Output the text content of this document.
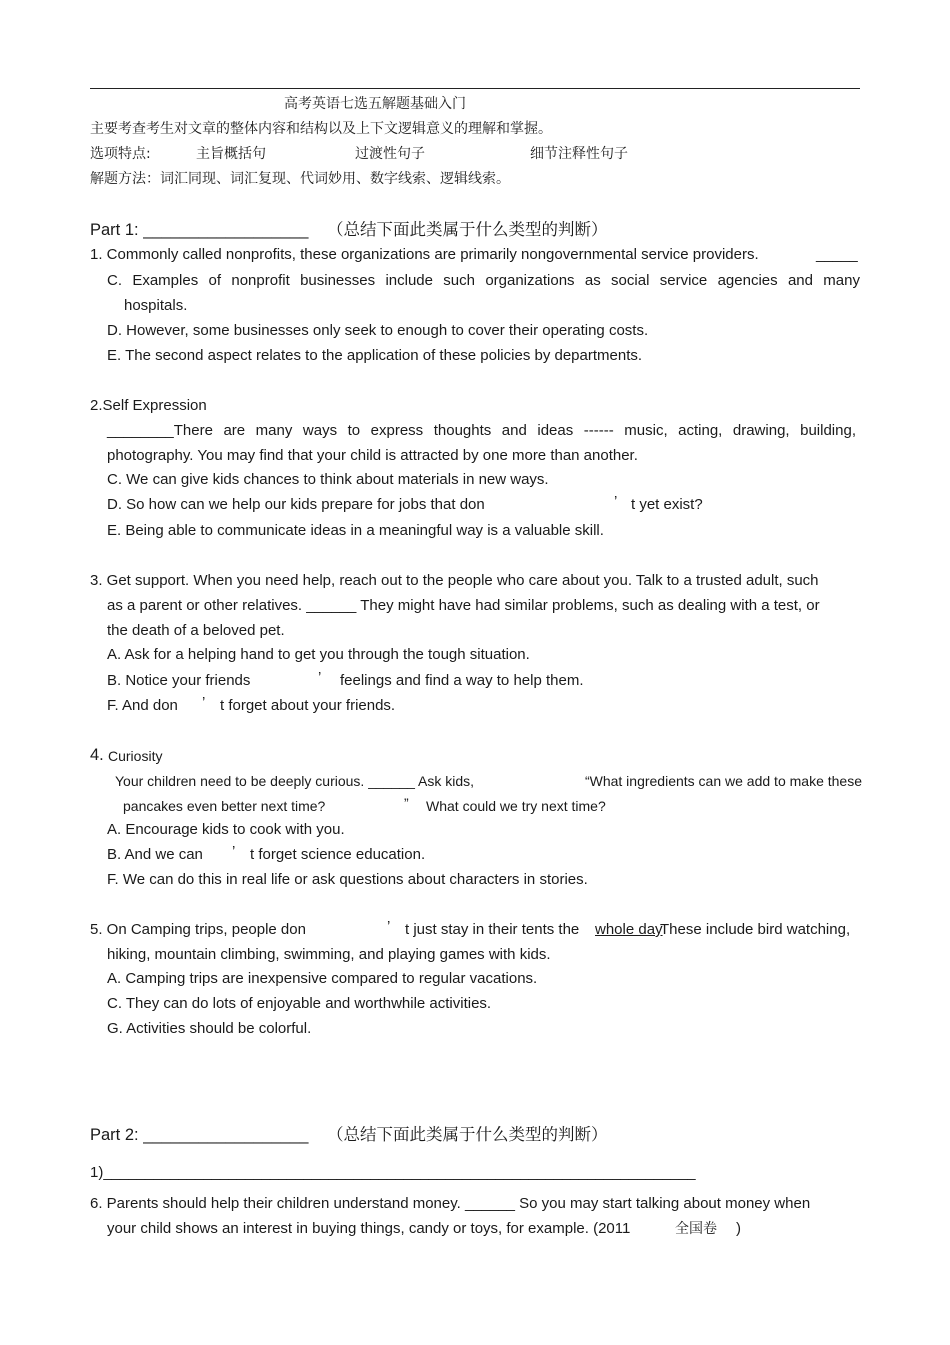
高考英语七选五解题基础入门
主要考查考生对文章的整体内容和结构以及上下文逻辑意义的理解和掌握。
选项特点:	主旨概括句	过渡性句子	细节注释性句子
解题方法：词汇同现、词汇复现、代词妙用、数字线索、逻辑线索。
Part 1: __________________ （总结下面此类属于什么类型的判断）
1. Commonly called nonprofits, these organizations are primarily nongovernmental service providers.	_____
C. Examples of nonprofit businesses include such organizations as social service agencies and many
hospitals.
D. However, some businesses only seek to enough to cover their operating costs.
E. The second aspect relates to the application of these policies by departments.
2.Self Expression
________There are many ways to express thoughts and ideas ------ music, acting, drawing, building,
photography. You may find that your child is attracted by one more than another.
C. We can give kids chances to think about materials in new ways.
D. So how can we help our kids prepare for jobs that don	’ t yet exist?
E. Being able to communicate ideas in a meaningful way is a valuable skill.
3. Get support. When you need help, reach out to the people who care about you. Talk to a trusted adult, such
as a parent or other relatives. ______ They might have had similar problems, such as dealing with a test, or
the death of a beloved pet.
A. Ask for a helping hand to get you through the tough situation.
B. Notice your friends	’ feelings and find a way to help them.
F. And don ’ t forget about your friends.
4. Curiosity
Your children need to be deeply curious. ______ Ask kids,	“What ingredients can we add to make these
pancakes even better next time?	” What could we try next time?
A. Encourage kids to cook with you.
B. And we can ’ t forget science education.
F. We can do this in real life or ask questions about characters in stories.
5. On Camping trips, people don	’ t just stay in their tents the whole day
These include bird watching,
hiking, mountain climbing, swimming, and playing games with kids.
A. Camping trips are inexpensive compared to regular vacations.
C. They can do lots of enjoyable and worthwhile activities.
G. Activities should be colorful.
Part 2: __________________ （总结下面此类属于什么类型的判断）
1)_______________________________________________________________________
6. Parents should help their children understand money. ______ So you may start talking about money when
your child shows an interest in buying things, candy or toys, for example. (2011	全国卷 )
